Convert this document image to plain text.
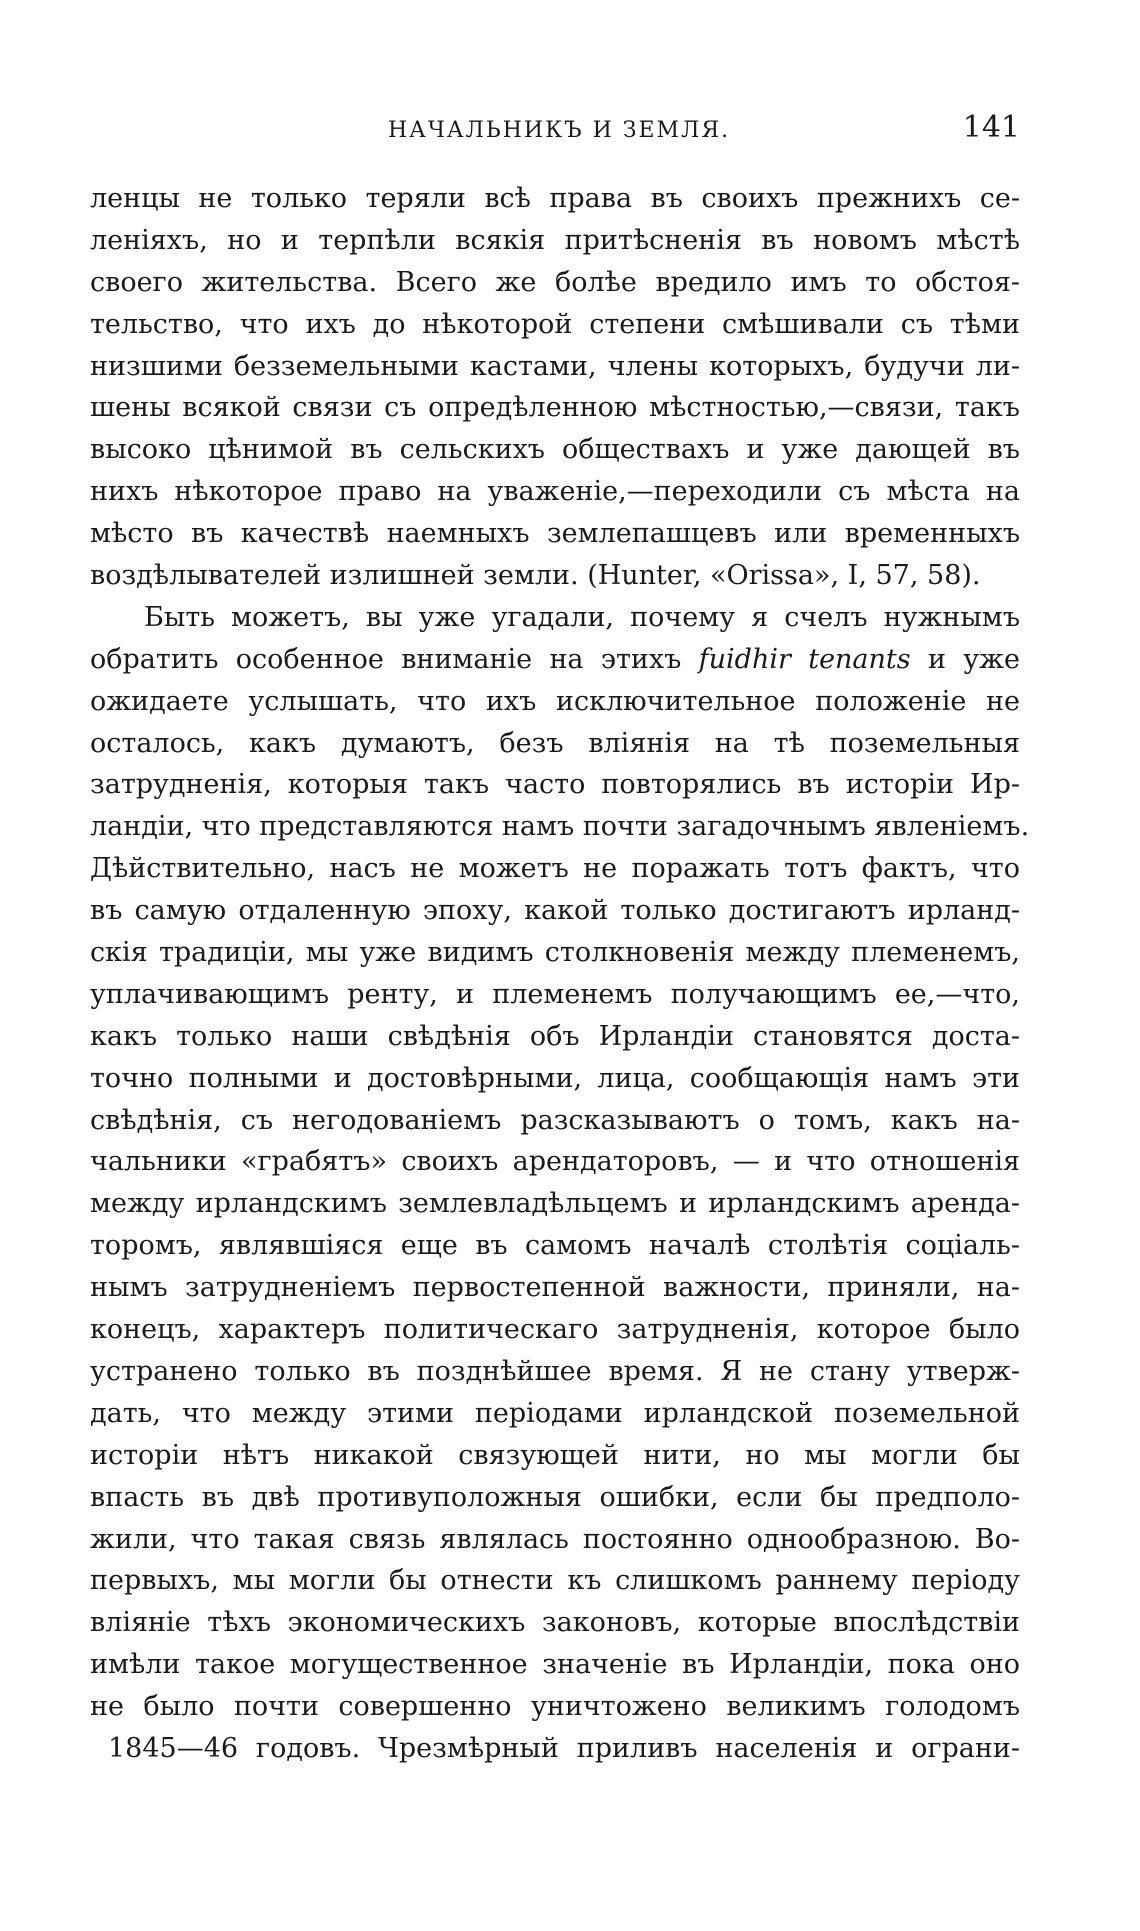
НАЧАЛЬНИКЪ И ЗЕМЛЯ.	141
ленцы не только теряли всѣ права въ своихъ прежнихъ се-
леніяхъ, но и терпѣли всякія притѣсненія въ новомъ мѣстѣ
своего жительства. Всего же болѣе вредило имъ то обстоя-
тельство, что ихъ до нѣкоторой степени смѣшивали съ тѣми
низшими безземельными кастами, члены которыхъ, будучи ли-
шены всякой связи съ опредѣленною мѣстностью,—связи, такъ
высоко цѣнимой въ сельскихъ обществахъ и уже дающей въ
нихъ нѣкоторое право на уваженіе,—переходили съ мѣста на
мѣсто въ качествѣ наемныхъ землепашцевъ или временныхъ
воздѣлывателей излишней земли. (Hunter, «Orissa», I, 57, 58).
Быть можетъ, вы уже угадали, почему я счелъ нужнымъ
обратить особенное вниманіе на этихъ fuidhir tenants и уже
ожидаете услышать, что ихъ исключительное положеніе не
осталось, какъ думаютъ, безъ вліянія на тѣ поземельныя
затрудненія, которыя такъ часто повторялись въ исторіи Ир-
ландіи, что представляются намъ почти загадочнымъ явленіемъ.
Дѣйствительно, насъ не можетъ не поражать тотъ фактъ, что
въ самую отдаленную эпоху, какой только достигаютъ ирланд-
скія традиціи, мы уже видимъ столкновенія между племенемъ,
уплачивающимъ ренту, и племенемъ получающимъ ее,—что,
какъ только наши свѣдѣнія объ Ирландіи становятся доста-
точно полными и достовѣрными, лица, сообщающія намъ эти
свѣдѣнія, съ негодованіемъ разсказываютъ о томъ, какъ на-
чальники «грабятъ» своихъ арендаторовъ, — и что отношенія
между ирландскимъ землевладѣльцемъ и ирландскимъ арендa-
торомъ, являвшіяся еще въ самомъ началѣ столѣтія соціаль-
нымъ затрудненіемъ первостепенной важности, приняли, на-
конецъ, характеръ политическаго затрудненія, которое было
устранено только въ позднѣйшее время. Я не стану утверж-
дать, что между этими періодами ирландской поземельной
исторіи нѣтъ никакой связующей нити, но мы могли бы
впасть въ двѣ противуположныя ошибки, если бы предполо-
жили, что такая связь являлась постоянно однообразною. Во-
первыхъ, мы могли бы отнести къ слишкомъ раннему періоду
вліяніе тѣхъ экономическихъ законовъ, которые впослѣдствіи
имѣли такое могущественное значеніе въ Ирландіи, пока оно
не было почти совершенно уничтожено великимъ голодомъ
1845—46 годовъ. Чрезмѣрный приливъ населенія и ограни-
